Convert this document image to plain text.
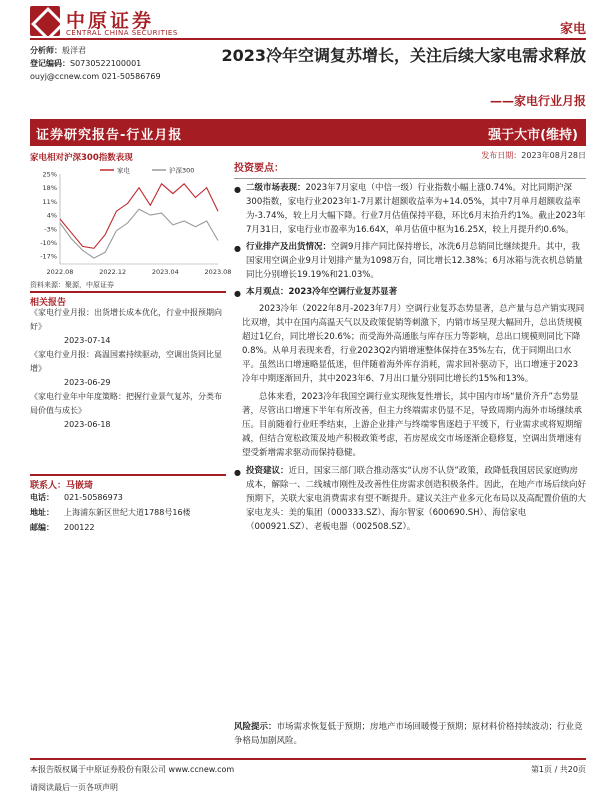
中原证券
CENTRAL CHINA SECURITIES	家电
分析师：般洋君
登记编码：S0730522100001
ouyj@ccnew.com 021-50586769
2023冷年空调复苏增长，关注后续大家电需求释放
——家电行业月报
证券研究报告-行业月报	强于大市(维持)
家电相对沪深300指数表现	发布日期：2023年08月28日
25%
18%
11%
4%
-3%
-10%
-17%
2022.08	2022.12	2023.04	2023.08
家电	沪深300
资料来源：聚源，中原证券
相关报告
《家电行业月报：出货增长成本优化，行业中报预期向好》
2023-07-14
《家电行业月报：高温国素持续驱动，空调出货同比显增》
2023-06-29
《家电行业年中年度策略：把握行业景气复苏，分类布局价值与成长》
2023-06-18
联系人：马嵌琦
电话：	021-50586973
地址：	上海浦东新区世纪大道1788号16楼
邮编：	200122
投资要点：
● 二级市场表现：2023年7月家电（中信一级）行业指数小幅上涨0.74%。对比同期沪深300指数，家电行业2023年1-7月累计超额收益率为+14.05%，其中7月单月超额收益率为-3.74%，较上月大幅下降。行业7月估值保持平稳，环比6月末抬升约1%。截止2023年7月31日，家电行业市盈率为16.64X，单月估值中枢为16.25X，较上月提升约0.6%。
● 行业排产及出货情况：空调9月排产同比保持增长，冰洗6月总销同比继续提升。其中，我国家用空调企业9月计划排产量为1098万台，同比增长12.38%；6月冰箱与洗衣机总销量同比分别增长19.19%和21.03%。
● 本月观点：2023冷年空调行业复苏显著
2023冷年（2022年8月-2023年7月）空调行业复苏态势显著，总产量与总产销实现同比双增，其中在国内高温天气以及政策促销等刺激下，内销市场呈现大幅回升，总出货规模超过1亿台，同比增长20.6%；而受海外高通胀与库存压力等影响，总出口规模则同比下降0.8%。从单月表现来看，行业2023Q2内销增速整体保持在35%左右，优于同期出口水平。虽然出口增速略显低迷，但伴随着海外库存消耗，需求回补驱动下，出口增速于2023冷年中期逐渐回升，其中2023年6、7月出口量分别同比增长约15%和13%。
总体来看，2023冷年我国空调行业实现恢复性增长，其中国内市场“量价齐升”态势显著，尽管出口增速下半年有所改善，但主力终端需求仍显不足，导致周期内海外市场继续承压。目前随着行业旺季结束，上游企业排产与终端零售逐趋于平缓下，行业需求或将短期缩减，但结合宽松政策及地产积极政策考虑，若房屋成交市场逐渐企稳修复，空调出货增速有望受新增需求驱动而保持稳健。
● 投资建议：近日，国家三部门联合推动落实“认房不认贷”政策，政降低我国居民家庭购房成本，解除一、二线城市刚性及改善性住房需求创造积极条件。因此，在地产市场后续向好预期下，关联大家电消费需求有望不断提升。建议关注产业多元化布局以及高配置价值的大家电龙头：美的集团（000333.SZ）、海尔智家（600690.SH）、海信家电（000921.SZ）、老板电器（002508.SZ）。
风险提示：市场需求恢复低于预期；房地产市场回暖慢于预期；原材料价格持续波动；行业竞争格局加剧风险。
本报告版权属于中原证券股份有限公司 www.ccnew.com
请阅读最后一页各项声明
第1页 / 共20页
